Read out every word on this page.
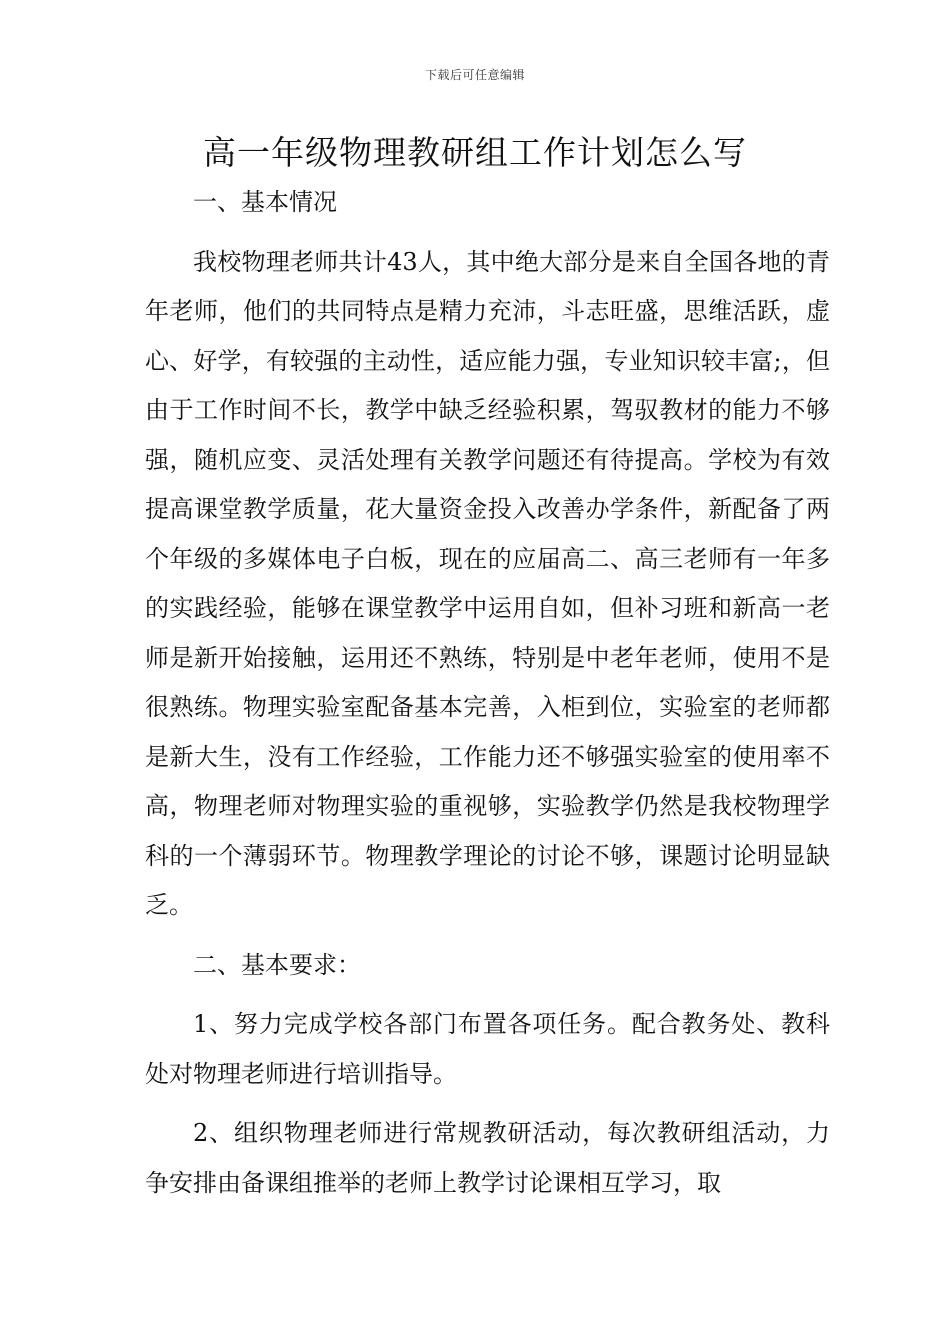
下载后可任意编辑
高一年级物理教研组工作计划怎么写

一、基本情况

我校物理老师共计43人，其中绝大部分是来自全国各地的青年老师，他们的共同特点是精力充沛，斗志旺盛，思维活跃，虚心、好学，有较强的主动性，适应能力强，专业知识较丰富;，但由于工作时间不长，教学中缺乏经验积累，驾驭教材的能力不够强，随机应变、灵活处理有关教学问题还有待提高。学校为有效提高课堂教学质量，花大量资金投入改善办学条件，新配备了两个年级的多媒体电子白板，现在的应届高二、高三老师有一年多的实践经验，能够在课堂教学中运用自如，但补习班和新高一老师是新开始接触，运用还不熟练，特别是中老年老师，使用不是很熟练。物理实验室配备基本完善，入柜到位，实验室的老师都是新大生，没有工作经验，工作能力还不够强实验室的使用率不高，物理老师对物理实验的重视够，实验教学仍然是我校物理学科的一个薄弱环节。物理教学理论的讨论不够，课题讨论明显缺乏。

二、基本要求：

1、努力完成学校各部门布置各项任务。配合教务处、教科处对物理老师进行培训指导。

2、组织物理老师进行常规教研活动，每次教研组活动，力争安排由备课组推举的老师上教学讨论课相互学习，取
